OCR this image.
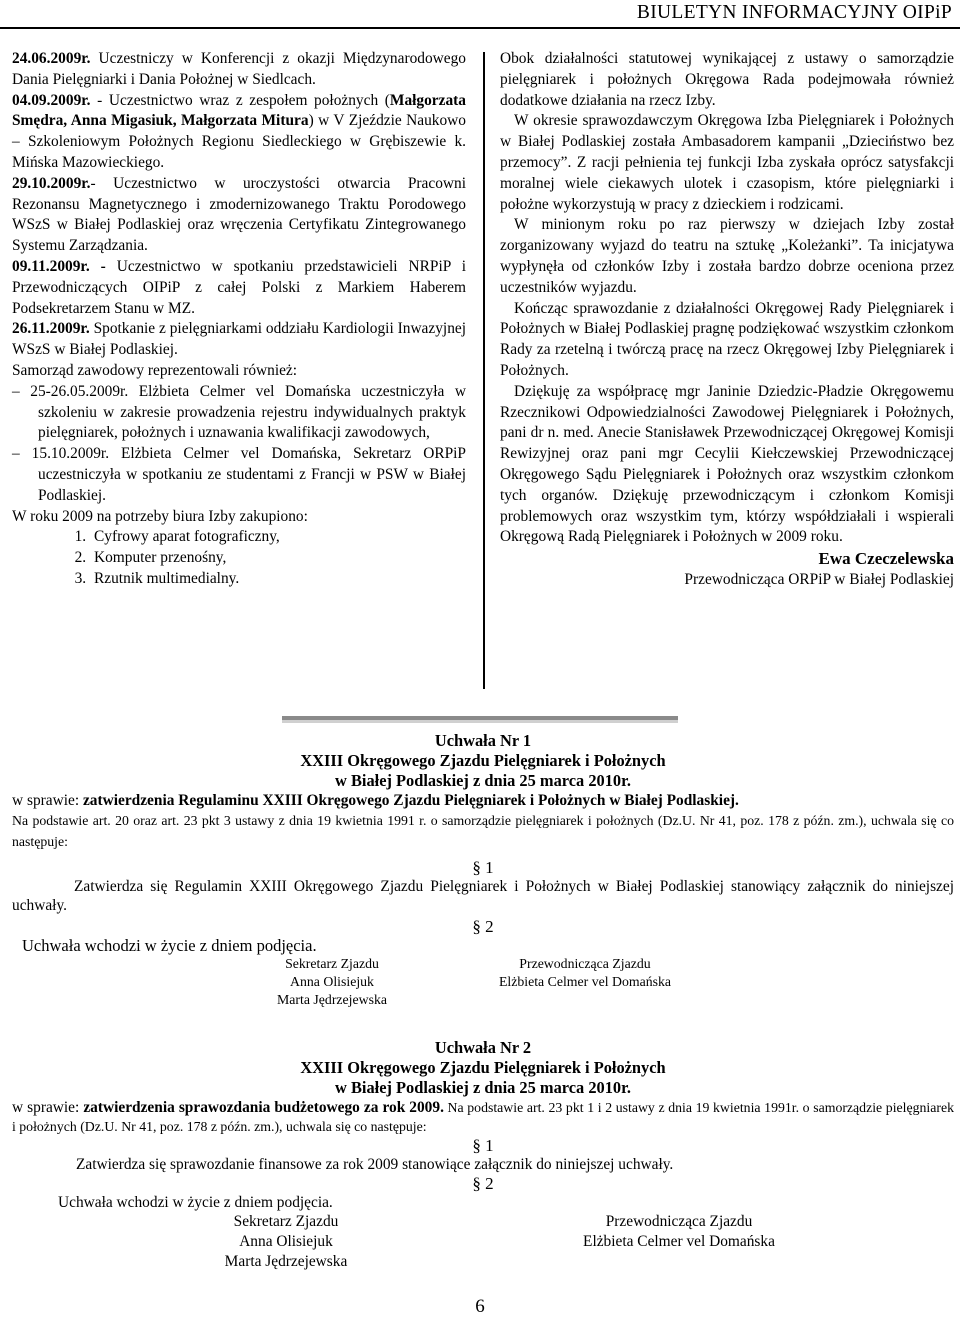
BIULETYN INFORMACYJNY OIPiP

24.06.2009r. Uczestniczy w Konferencji z okazji Międzynarodowego Dania Pielęgniarki i Dania Położnej w Siedlcach.

04.09.2009r. - Uczestnictwo wraz z zespołem położnych (Małgorzata Smędra, Anna Migasiuk, Małgorzata Mitura) w V Zjeździe Naukowo – Szkoleniowym Położnych Regionu Siedleckiego w Grębiszewie k. Mińska Mazowieckiego.

29.10.2009r.- Uczestnictwo w uroczystości otwarcia Pracowni Rezonansu Magnetycznego i zmodernizowanego Traktu Porodowego WSzS w Białej Podlaskiej oraz wręczenia Certyfikatu Zintegrowanego Systemu Zarządzania.

09.11.2009r. - Uczestnictwo w spotkaniu przedstawicieli NRPiP i Przewodniczących OIPiP z całej Polski z Markiem Haberem Podsekretarzem Stanu w MZ.

26.11.2009r. Spotkanie z pielęgniarkami oddziału Kardiologii Inwazyjnej WSzS w Białej Podlaskiej.

Samorząd zawodowy reprezentowali również:

– 25-26.05.2009r. Elżbieta Celmer vel Domańska uczestniczyła w szkoleniu w zakresie prowadzenia rejestru indywidualnych praktyk pielęgniarek, położnych i uznawania kwalifikacji zawodowych,

– 15.10.2009r. Elżbieta Celmer vel Domańska, Sekretarz ORPiP uczestniczyła w spotkaniu ze studentami z Francji w PSW w Białej Podlaskiej.

W roku 2009 na potrzeby biura Izby zakupiono:

1. Cyfrowy aparat fotograficzny,
2. Komputer przenośny,
3. Rzutnik multimedialny.

Obok działalności statutowej wynikającej z ustawy o samorządzie pielęgniarek i położnych Okręgowa Rada podejmowała również dodatkowe działania na rzecz Izby.

W okresie sprawozdawczym Okręgowa Izba Pielęgniarek i Położnych w Białej Podlaskiej została Ambasadorem kampanii „Dzieciństwo bez przemocy”. Z racji pełnienia tej funkcji Izba zyskała oprócz satysfakcji moralnej wiele ciekawych ulotek i czasopism, które pielęgniarki i położne wykorzystują w pracy z dzieckiem i rodzicami.

W minionym roku po raz pierwszy w dziejach Izby został zorganizowany wyjazd do teatru na sztukę „Koleżanki”. Ta inicjatywa wypłynęła od członków Izby i została bardzo dobrze oceniona przez uczestników wyjazdu.

Kończąc sprawozdanie z działalności Okręgowej Rady Pielęgniarek i Położnych w Białej Podlaskiej pragnę podziękować wszystkim członkom Rady za rzetelną i twórczą pracę na rzecz Okręgowej Izby Pielęgniarek i Położnych.

Dziękuję za współpracę mgr Janinie Dziedzic-Pładzie Okręgowemu Rzecznikowi Odpowiedzialności Zawodowej Pielęgniarek i Położnych, pani dr n. med. Anecie Stanisławek Przewodniczącej Okręgowej Komisji Rewizyjnej oraz pani mgr Cecylii Kiełczewskiej Przewodniczącej Okręgowego Sądu Pielęgniarek i Położnych oraz wszystkim członkom tych organów. Dziękuję przewodniczącym i członkom Komisji problemowych oraz wszystkim tym, którzy współdziałali i wspierali Okręgową Radą Pielęgniarek i Położnych w 2009 roku.

Ewa Czeczelewska
Przewodnicząca ORPiP w Białej Podlaskiej
Uchwała Nr 1
XXIII Okręgowego Zjazdu Pielęgniarek i Położnych
w Białej Podlaskiej z dnia 25 marca 2010r.
w sprawie: zatwierdzenia Regulaminu XXIII Okręgowego Zjazdu Pielęgniarek i Położnych w Białej Podlaskiej.
Na podstawie art. 20 oraz art. 23 pkt 3 ustawy z dnia 19 kwietnia 1991 r. o samorządzie pielęgniarek i położnych (Dz.U. Nr 41, poz. 178 z późn. zm.), uchwala się co następuje:
§ 1
Zatwierdza się Regulamin XXIII Okręgowego Zjazdu Pielęgniarek i Położnych w Białej Podlaskiej stanowiący załącznik do niniejszej uchwały.
§ 2
Uchwała wchodzi w życie z dniem podjęcia.
Sekretarz Zjazdu
Anna Olisiejuk
Marta Jędrzejewska
Przewodnicząca Zjazdu
Elżbieta Celmer vel Domańska
Uchwała Nr 2
XXIII Okręgowego Zjazdu Pielęgniarek i Położnych
w Białej Podlaskiej z dnia 25 marca 2010r.
w sprawie: zatwierdzenia sprawozdania budżetowego za rok 2009. Na podstawie art. 23 pkt 1 i 2 ustawy z dnia 19 kwietnia 1991r. o samorządzie pielęgniarek i położnych (Dz.U. Nr 41, poz. 178 z późn. zm.), uchwala się co następuje:
§ 1
Zatwierdza się sprawozdanie finansowe za rok 2009 stanowiące załącznik do niniejszej uchwały.
§ 2
Uchwała wchodzi w życie z dniem podjęcia.
Sekretarz Zjazdu
Anna Olisiejuk
Marta Jędrzejewska
Przewodnicząca Zjazdu
Elżbieta Celmer vel Domańska
6
